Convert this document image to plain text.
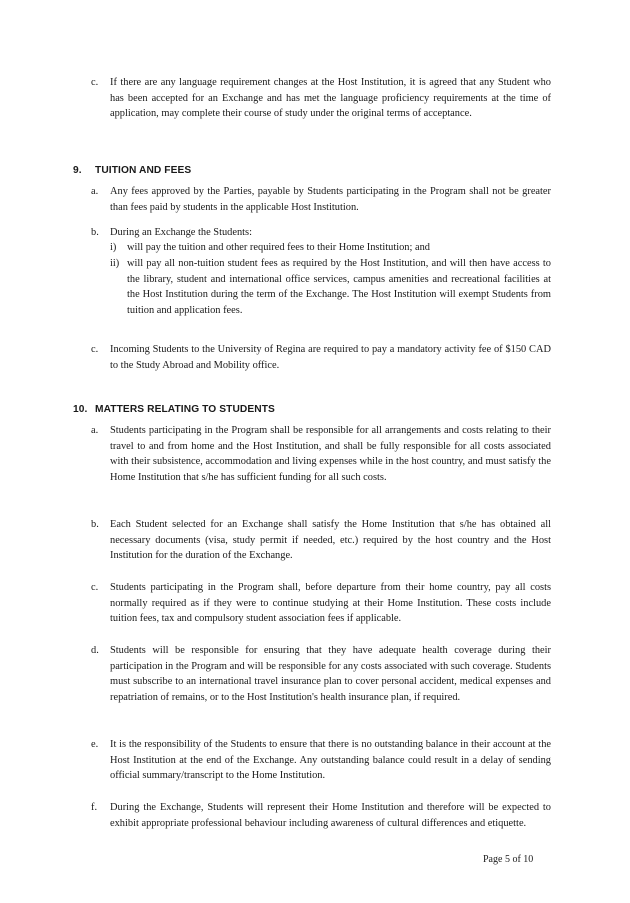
c. If there are any language requirement changes at the Host Institution, it is agreed that any Student who has been accepted for an Exchange and has met the language proficiency requirements at the time of application, may complete their course of study under the original terms of acceptance.
9. TUITION AND FEES
a. Any fees approved by the Parties, payable by Students participating in the Program shall not be greater than fees paid by students in the applicable Host Institution.
b. During an Exchange the Students:
i) will pay the tuition and other required fees to their Home Institution; and
ii) will pay all non-tuition student fees as required by the Host Institution, and will then have access to the library, student and international office services, campus amenities and recreational facilities at the Host Institution during the term of the Exchange. The Host Institution will exempt Students from tuition and application fees.
c. Incoming Students to the University of Regina are required to pay a mandatory activity fee of $150 CAD to the Study Abroad and Mobility office.
10. MATTERS RELATING TO STUDENTS
a. Students participating in the Program shall be responsible for all arrangements and costs relating to their travel to and from home and the Host Institution, and shall be fully responsible for all costs associated with their subsistence, accommodation and living expenses while in the host country, and must satisfy the Home Institution that s/he has sufficient funding for all such costs.
b. Each Student selected for an Exchange shall satisfy the Home Institution that s/he has obtained all necessary documents (visa, study permit if needed, etc.) required by the host country and the Host Institution for the duration of the Exchange.
c. Students participating in the Program shall, before departure from their home country, pay all costs normally required as if they were to continue studying at their Home Institution. These costs include tuition fees, tax and compulsory student association fees if applicable.
d. Students will be responsible for ensuring that they have adequate health coverage during their participation in the Program and will be responsible for any costs associated with such coverage. Students must subscribe to an international travel insurance plan to cover personal accident, medical expenses and repatriation of remains, or to the Host Institution's health insurance plan, if required.
e. It is the responsibility of the Students to ensure that there is no outstanding balance in their account at the Host Institution at the end of the Exchange. Any outstanding balance could result in a delay of sending official summary/transcript to the Home Institution.
f. During the Exchange, Students will represent their Home Institution and therefore will be expected to exhibit appropriate professional behaviour including awareness of cultural differences and etiquette.
Page 5 of 10
